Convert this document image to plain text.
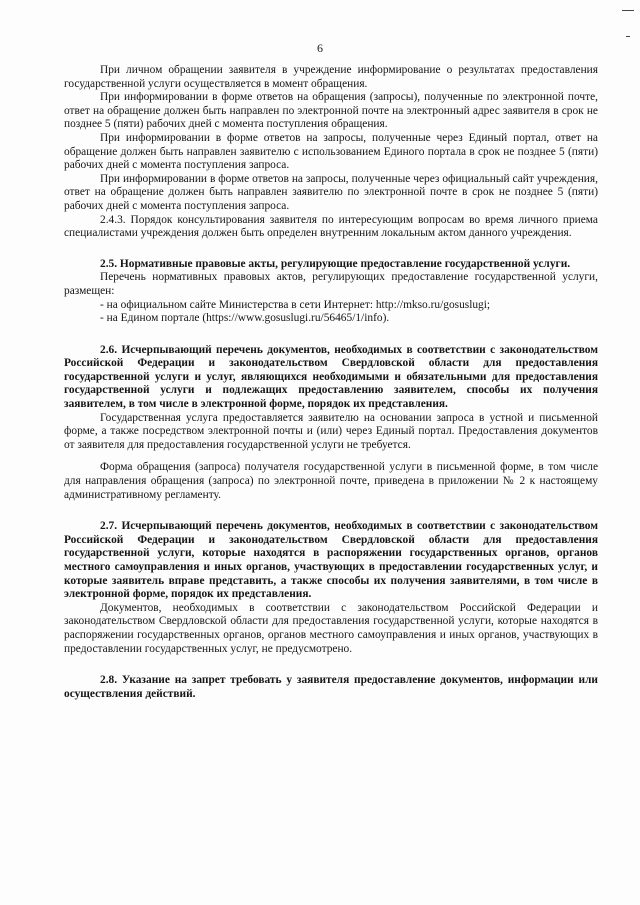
6

При личном обращении заявителя в учреждение информирование о результатах предоставления государственной услуги осуществляется в момент обращения.

При информировании в форме ответов на обращения (запросы), полученные по электронной почте, ответ на обращение должен быть направлен по электронной почте на электронный адрес заявителя в срок не позднее 5 (пяти) рабочих дней с момента поступления обращения.

При информировании в форме ответов на запросы, полученные через Единый портал, ответ на обращение должен быть направлен заявителю с использованием Единого портала в срок не позднее 5 (пяти) рабочих дней с момента поступления запроса.

При информировании в форме ответов на запросы, полученные через официальный сайт учреждения, ответ на обращение должен быть направлен заявителю по электронной почте в срок не позднее 5 (пяти) рабочих дней с момента поступления запроса.

2.4.3. Порядок консультирования заявителя по интересующим вопросам во время личного приема специалистами учреждения должен быть определен внутренним локальным актом данного учреждения.

2.5. Нормативные правовые акты, регулирующие предоставление государственной услуги.

Перечень нормативных правовых актов, регулирующих предоставление государственной услуги, размещен:

- на официальном сайте Министерства в сети Интернет: http://mkso.ru/gosuslugi;

- на Едином портале (https://www.gosuslugi.ru/56465/1/info).

2.6. Исчерпывающий перечень документов, необходимых в соответствии с законодательством Российской Федерации и законодательством Свердловской области для предоставления государственной услуги и услуг, являющихся необходимыми и обязательными для предоставления государственной услуги и подлежащих предоставлению заявителем, способы их получения заявителем, в том числе в электронной форме, порядок их представления.

Государственная услуга предоставляется заявителю на основании запроса в устной и письменной форме, а также посредством электронной почты и (или) через Единый портал. Предоставления документов от заявителя для предоставления государственной услуги не требуется.

Форма обращения (запроса) получателя государственной услуги в письменной форме, в том числе для направления обращения (запроса) по электронной почте, приведена в приложении № 2 к настоящему административному регламенту.

2.7. Исчерпывающий перечень документов, необходимых в соответствии с законодательством Российской Федерации и законодательством Свердловской области для предоставления государственной услуги, которые находятся в распоряжении государственных органов, органов местного самоуправления и иных органов, участвующих в предоставлении государственных услуг, и которые заявитель вправе представить, а также способы их получения заявителями, в том числе в электронной форме, порядок их представления.

Документов, необходимых в соответствии с законодательством Российской Федерации и законодательством Свердловской области для предоставления государственной услуги, которые находятся в распоряжении государственных органов, органов местного самоуправления и иных органов, участвующих в предоставлении государственных услуг, не предусмотрено.

2.8. Указание на запрет требовать у заявителя предоставление документов, информации или осуществления действий.
